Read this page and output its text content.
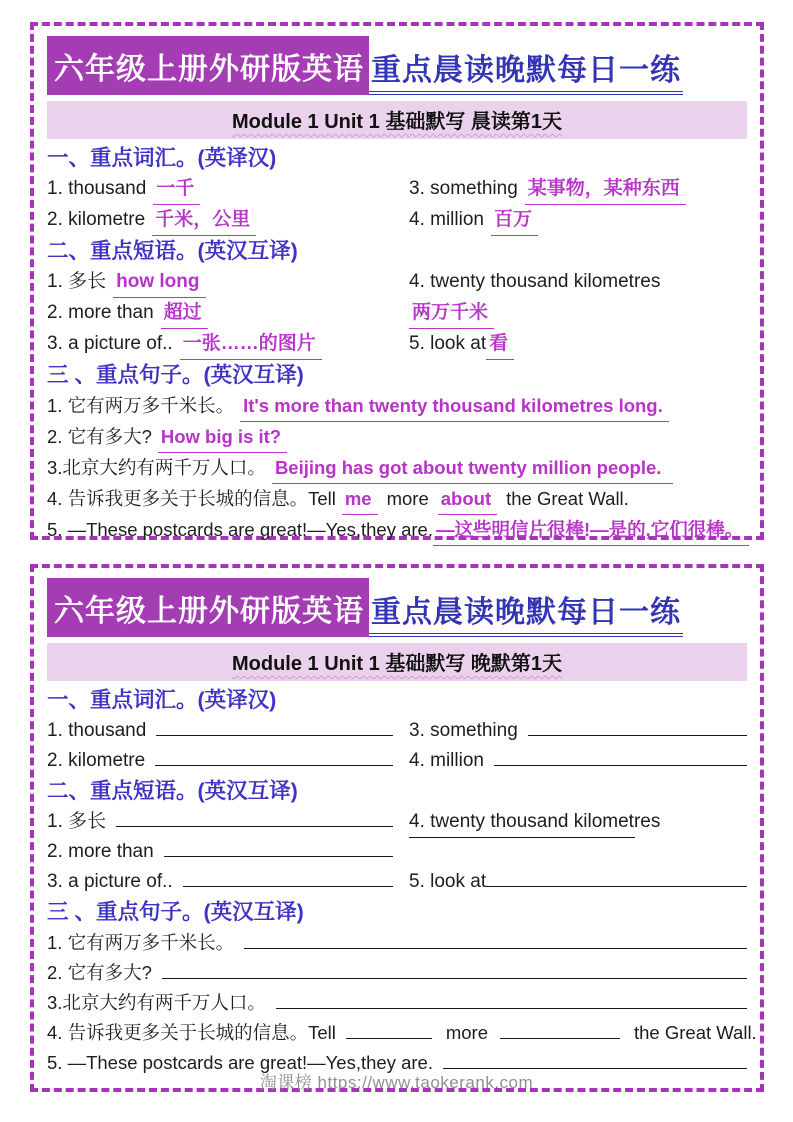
六年级上册外研版英语 重点晨读晚默每日一练
Module 1 Unit 1 基础默写 晨读第1天
一、重点词汇。(英译汉)
1. thousand 一千	3. something 某事物，某种东西
2. kilometre 千米，公里	4. million 百万
二、重点短语。(英汉互译)
1. 多长 how long	4. twenty thousand kilometres
2. more than 超过	两万千米
3. a picture of.. 一张……的图片	5. look at 看
三 、重点句子。(英汉互译)
1. 它有两万多千米长。 It's more than twenty thousand kilometres long.
2. 它有多大? How big is it?
3.北京大约有两千万人口。 Beijing has got about twenty million people.
4. 告诉我更多关于长城的信息。Tell me more about the Great Wall.
5. —These postcards are great!—Yes,they are. —这些明信片很棒!—是的,它们很棒。
六年级上册外研版英语 重点晨读晚默每日一练
Module 1 Unit 1 基础默写 晚默第1天
一、重点词汇。(英译汉)
1. thousand	3. something
2. kilometre	4. million
二、重点短语。(英汉互译)
1. 多长	4. twenty thousand kilometres
2. more than
3. a picture of..	5. look at
三 、重点句子。(英汉互译)
1. 它有两万多千米长。
2. 它有多大?
3.北京大约有两千万人口。
4. 告诉我更多关于长城的信息。Tell	more	the Great Wall.
5. —These postcards are great!—Yes,they are.
淘课榜 https://www.taokerank.com
